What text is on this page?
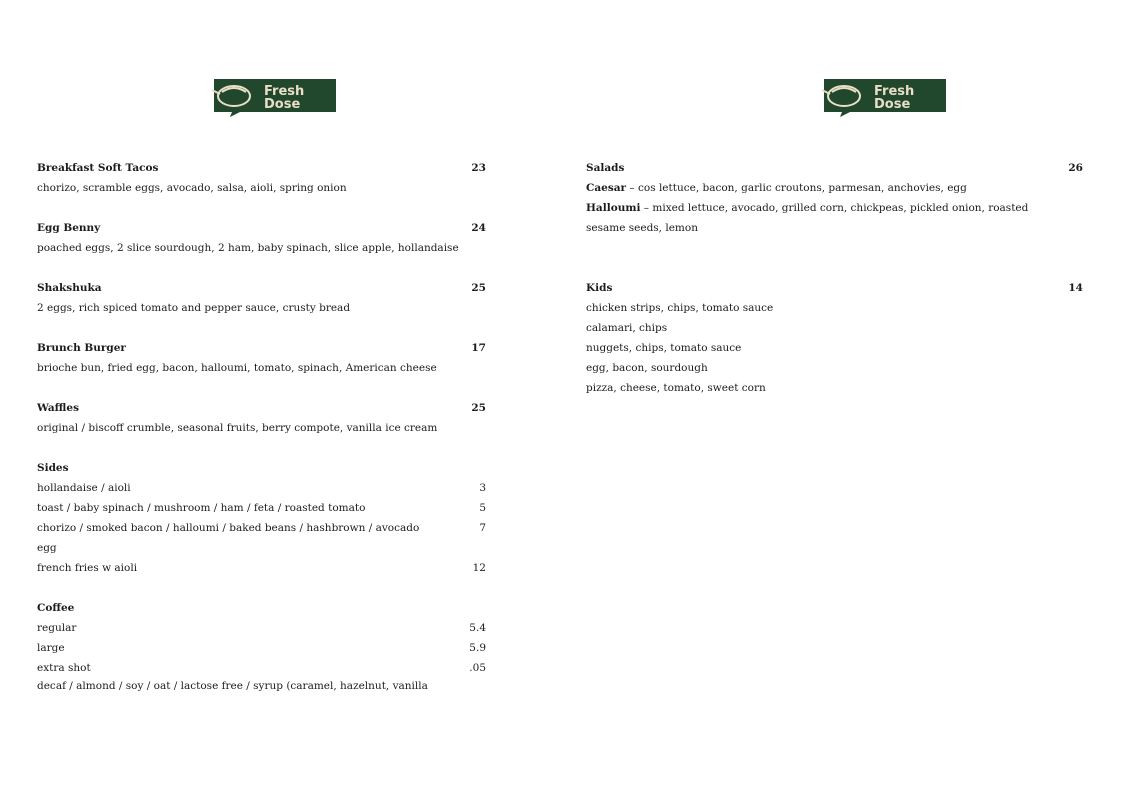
Fresh
Dose
Fresh
Dose
Breakfast Soft Tacos	23
chorizo, scramble eggs, avocado, salsa, aioli, spring onion
Egg Benny	24
poached eggs, 2 slice sourdough, 2 ham, baby spinach, slice apple, hollandaise
Shakshuka	25
2 eggs, rich spiced tomato and pepper sauce, crusty bread
Brunch Burger	17
brioche bun, fried egg, bacon, halloumi, tomato, spinach, American cheese
Waffles	25
original / biscoff crumble, seasonal fruits, berry compote, vanilla ice cream
Sides
hollandaise / aioli	3
toast / baby spinach / mushroom / ham / feta / roasted tomato	5
chorizo / smoked bacon / halloumi / baked beans / hashbrown / avocado	7
egg
french fries w aioli	12
Coffee
regular	5.4
large	5.9
extra shot	.05
decaf / almond / soy / oat / lactose free / syrup (caramel, hazelnut, vanilla
Salads	26
Caesar – cos lettuce, bacon, garlic croutons, parmesan, anchovies, egg
Halloumi – mixed lettuce, avocado, grilled corn, chickpeas, pickled onion, roasted
sesame seeds, lemon
Kids	14
chicken strips, chips, tomato sauce
calamari, chips
nuggets, chips, tomato sauce
egg, bacon, sourdough
pizza, cheese, tomato, sweet corn
